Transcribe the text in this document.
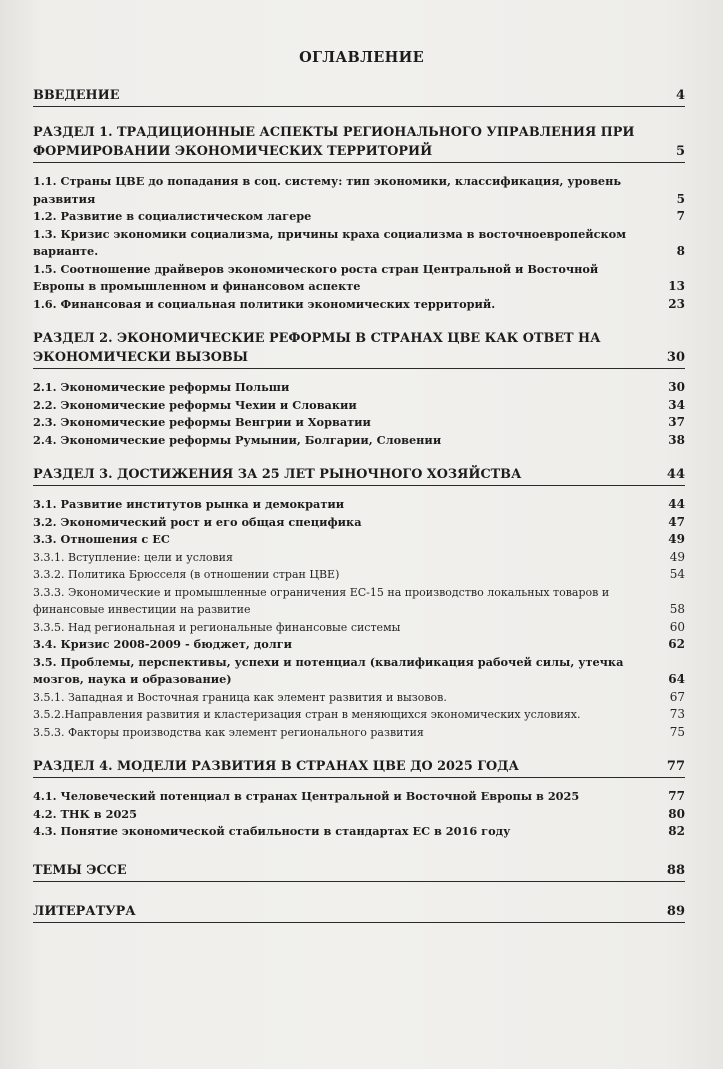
ОГЛАВЛЕНИЕ
ВВЕДЕНИЕ	4
РАЗДЕЛ 1. ТРАДИЦИОННЫЕ АСПЕКТЫ РЕГИОНАЛЬНОГО УПРАВЛЕНИЯ ПРИ ФОРМИРОВАНИИ ЭКОНОМИЧЕСКИХ ТЕРРИТОРИЙ	5
1.1. Страны ЦВЕ до попадания в соц. систему: тип экономики, классификация, уровень развития	5
1.2. Развитие в социалистическом лагере	7
1.3. Кризис экономики социализма, причины краха социализма в восточноевропейском варианте.	8
1.5. Соотношение драйверов экономического роста стран Центральной и Восточной Европы в промышленном и финансовом аспекте	13
1.6. Финансовая и социальная политики экономических территорий.	23
РАЗДЕЛ 2. ЭКОНОМИЧЕСКИЕ РЕФОРМЫ В СТРАНАХ ЦВЕ КАК ОТВЕТ НА ЭКОНОМИЧЕСКИ ВЫЗОВЫ	30
2.1. Экономические реформы Польши	30
2.2. Экономические реформы Чехии и Словакии	34
2.3. Экономические реформы Венгрии и Хорватии	37
2.4. Экономические реформы Румынии, Болгарии, Словении	38
РАЗДЕЛ 3. ДОСТИЖЕНИЯ ЗА 25 ЛЕТ РЫНОЧНОГО ХОЗЯЙСТВА	44
3.1. Развитие институтов рынка и демократии	44
3.2. Экономический рост и его общая специфика	47
3.3. Отношения с ЕС	49
3.3.1. Вступление: цели и условия	49
3.3.2. Политика Брюсселя (в отношении стран ЦВЕ)	54
3.3.3. Экономические и промышленные ограничения ЕС-15 на производство локальных товаров и финансовые инвестиции на развитие	58
3.3.5. Над региональная и региональные финансовые системы	60
3.4. Кризис 2008-2009 - бюджет, долги	62
3.5. Проблемы, перспективы, успехи и потенциал (квалификация рабочей силы, утечка мозгов, наука и образование)	64
3.5.1. Западная и Восточная граница как элемент развития и вызовов.	67
3.5.2.Направления развития и кластеризация стран в меняющихся экономических условиях.	73
3.5.3. Факторы производства как элемент регионального развития	75
РАЗДЕЛ 4. МОДЕЛИ РАЗВИТИЯ В СТРАНАХ ЦВЕ ДО 2025 ГОДА	77
4.1. Человеческий потенциал в странах Центральной и Восточной Европы в 2025	77
4.2. ТНК в 2025	80
4.3. Понятие экономической стабильности в стандартах ЕС в 2016 году	82
ТЕМЫ ЭССЕ	88
ЛИТЕРАТУРА	89
